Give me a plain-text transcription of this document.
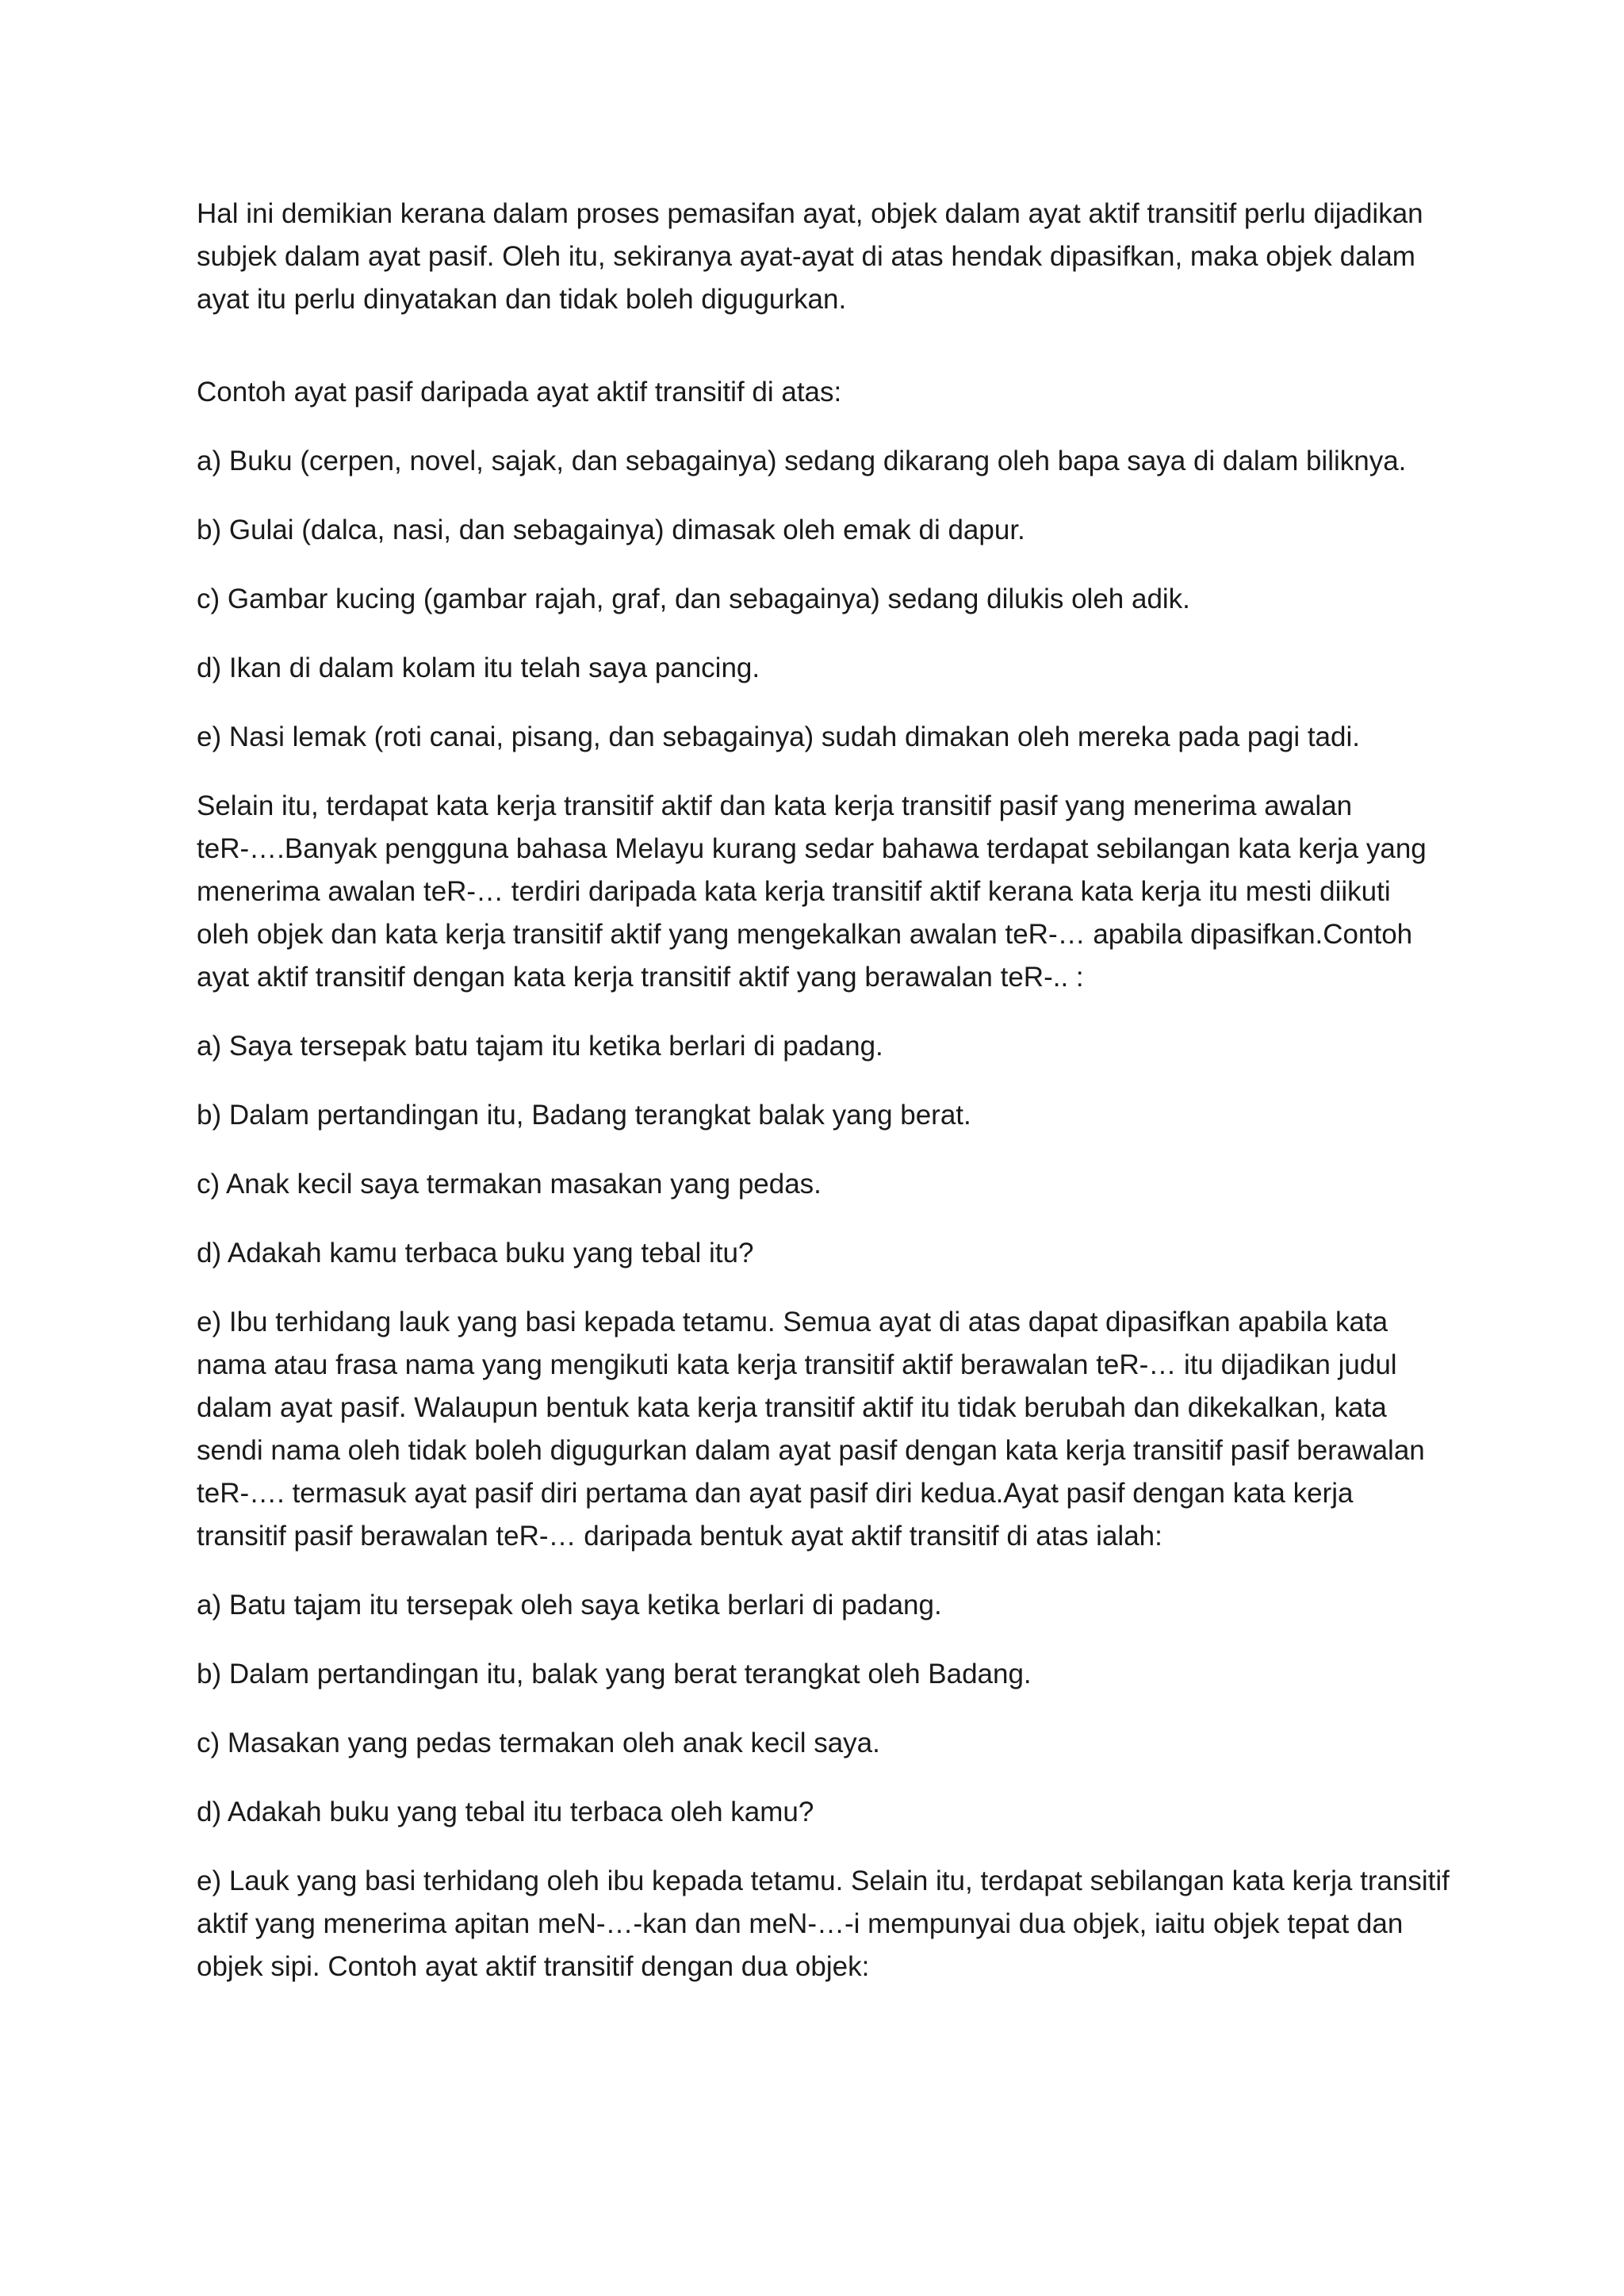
Hal ini demikian kerana dalam proses pemasifan ayat, objek dalam ayat aktif transitif perlu dijadikan subjek dalam ayat pasif. Oleh itu, sekiranya ayat-ayat di atas hendak dipasifkan, maka objek dalam ayat itu perlu dinyatakan dan tidak boleh digugurkan.

Contoh ayat pasif daripada ayat aktif transitif di atas:

a) Buku (cerpen, novel, sajak, dan sebagainya) sedang dikarang oleh bapa saya di dalam biliknya.

b) Gulai (dalca, nasi, dan sebagainya) dimasak oleh emak di dapur.

c) Gambar kucing (gambar rajah, graf, dan sebagainya) sedang dilukis oleh adik.

d) Ikan di dalam kolam itu telah saya pancing.

e) Nasi lemak (roti canai, pisang, dan sebagainya) sudah dimakan oleh mereka pada pagi tadi.

Selain itu, terdapat kata kerja transitif aktif dan kata kerja transitif pasif yang menerima awalan teR-….Banyak pengguna bahasa Melayu kurang sedar bahawa terdapat sebilangan kata kerja yang menerima awalan teR-… terdiri daripada kata kerja transitif aktif kerana kata kerja itu mesti diikuti oleh objek dan kata kerja transitif aktif yang mengekalkan awalan teR-… apabila dipasifkan.Contoh ayat aktif transitif dengan kata kerja transitif aktif yang berawalan teR-.. :

a) Saya tersepak batu tajam itu ketika berlari di padang.

b) Dalam pertandingan itu, Badang terangkat balak yang berat.

c) Anak kecil saya termakan masakan yang pedas.

d) Adakah kamu terbaca buku yang tebal itu?

e) Ibu terhidang lauk yang basi kepada tetamu. Semua ayat di atas dapat dipasifkan apabila kata nama atau frasa nama yang mengikuti kata kerja transitif aktif berawalan teR-… itu dijadikan judul dalam ayat pasif. Walaupun bentuk kata kerja transitif aktif itu tidak berubah dan dikekalkan, kata sendi nama oleh tidak boleh digugurkan dalam ayat pasif dengan kata kerja transitif pasif berawalan teR-…. termasuk ayat pasif diri pertama dan ayat pasif diri kedua.Ayat pasif dengan kata kerja transitif pasif berawalan teR-… daripada bentuk ayat aktif transitif di atas ialah:

a) Batu tajam itu tersepak oleh saya ketika berlari di padang.

b) Dalam pertandingan itu, balak yang berat terangkat oleh Badang.

c) Masakan yang pedas termakan oleh anak kecil saya.

d) Adakah buku yang tebal itu terbaca oleh kamu?

e) Lauk yang basi terhidang oleh ibu kepada tetamu. Selain itu, terdapat sebilangan kata kerja transitif aktif yang menerima apitan meN-…-kan dan meN-…-i mempunyai dua objek, iaitu objek tepat dan objek sipi. Contoh ayat aktif transitif dengan dua objek:
